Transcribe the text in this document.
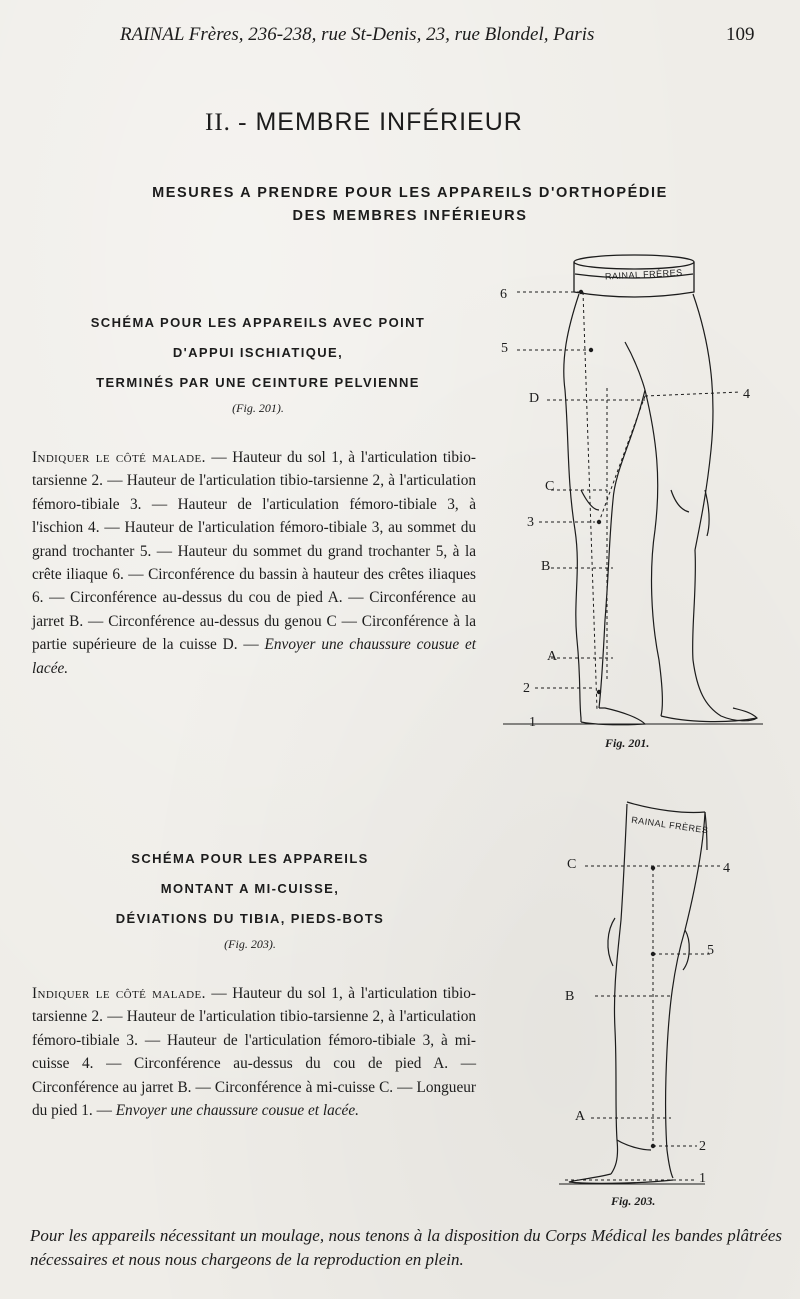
RAINAL Frères, 236-238, rue St-Denis, 23, rue Blondel, Paris	109
II. - MEMBRE INFÉRIEUR
MESURES A PRENDRE POUR LES APPAREILS D'ORTHOPÉDIE
DES MEMBRES INFÉRIEURS
SCHÉMA POUR LES APPAREILS AVEC POINT
D'APPUI ISCHIATIQUE,
TERMINÉS PAR UNE CEINTURE PELVIENNE
(Fig. 201).
Indiquer le côté malade. — Hauteur du sol 1, à l'articulation tibio-tarsienne 2. — Hauteur de l'articulation tibio-tarsienne 2, à l'articulation fémoro-tibiale 3. — Hauteur de l'articulation fémoro-tibiale 3, à l'ischion 4. — Hauteur de l'articulation fémoro-tibiale 3, au sommet du grand trochanter 5. — Hauteur du sommet du grand trochanter 5, à la crête iliaque 6. — Circonférence du bassin à hauteur des crêtes iliaques 6. — Circonférence au-dessus du cou de pied A. — Circonférence au jarret B. — Circonférence au-dessus du genou C — Circonférence à la partie supérieure de la cuisse D. — Envoyer une chaussure cousue et lacée.
RAINAL FRÈRES
6
5
D	4
C
3
B
A
2
1
Fig. 201.
SCHÉMA POUR LES APPAREILS
MONTANT A MI-CUISSE,
DÉVIATIONS DU TIBIA, PIEDS-BOTS
(Fig. 203).
Indiquer le côté malade. — Hauteur du sol 1, à l'articulation tibio-tarsienne 2. — Hauteur de l'articulation tibio-tarsienne 2, à l'articulation fémoro-tibiale 3. — Hauteur de l'articulation fémoro-tibiale 3, à mi-cuisse 4. — Circonférence au-dessus du cou de pied A. — Circonférence au jarret B. — Circonférence à mi-cuisse C. — Longueur du pied 1. — Envoyer une chaussure cousue et lacée.
RAINAL FRÈRES
C	4
5
B
A
2
1
Fig. 203.
Pour les appareils nécessitant un moulage, nous tenons à la disposition du Corps Médical les bandes plâtrées nécessaires et nous nous chargeons de la reproduction en plein.
